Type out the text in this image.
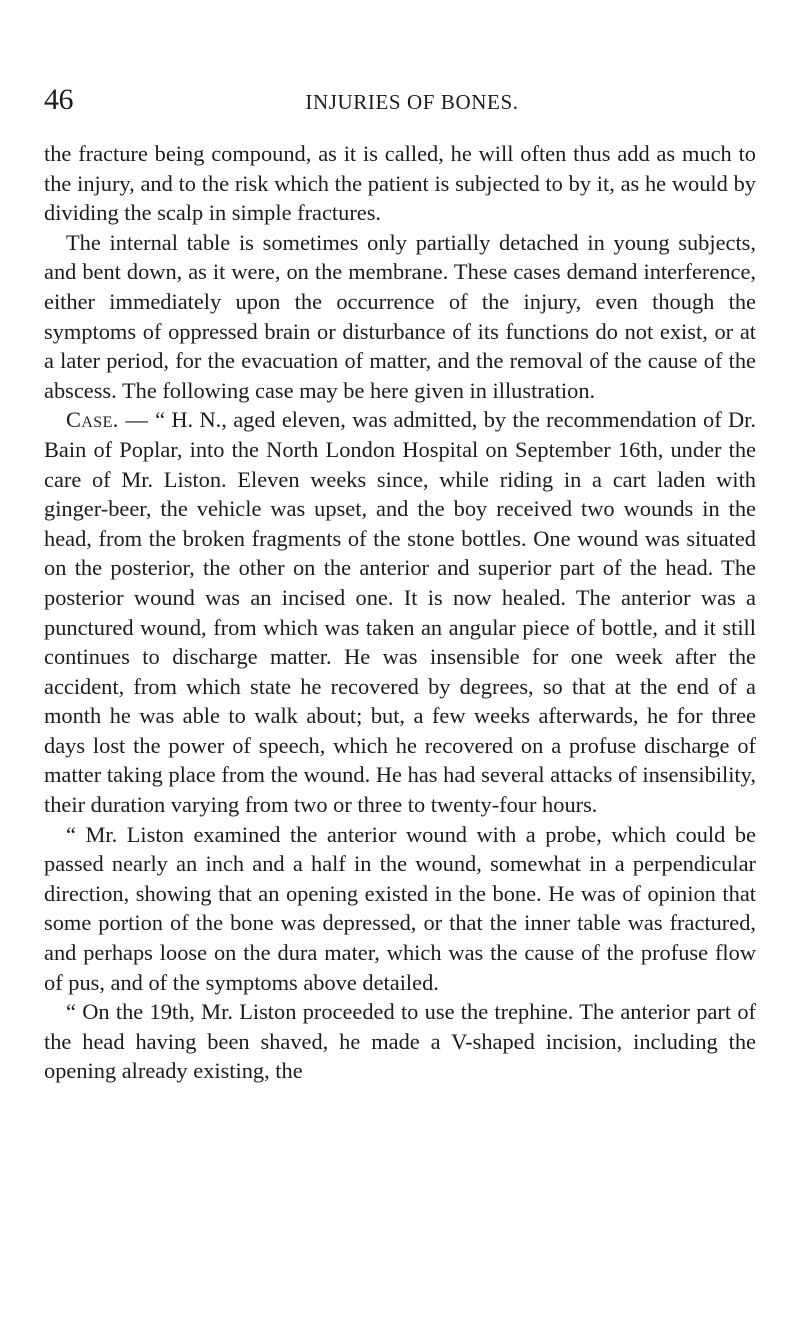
46	INJURIES OF BONES.

the fracture being compound, as it is called, he will often thus add as much to the injury, and to the risk which the patient is subjected to by it, as he would by dividing the scalp in simple fractures.

The internal table is sometimes only partially detached in young subjects, and bent down, as it were, on the membrane. These cases demand interference, either immediately upon the occurrence of the injury, even though the symptoms of oppressed brain or disturbance of its functions do not exist, or at a later period, for the evacuation of matter, and the removal of the cause of the abscess. The following case may be here given in illustration.

Case. — “ H. N., aged eleven, was admitted, by the recommendation of Dr. Bain of Poplar, into the North London Hospital on September 16th, under the care of Mr. Liston. Eleven weeks since, while riding in a cart laden with ginger-beer, the vehicle was upset, and the boy received two wounds in the head, from the broken fragments of the stone bottles. One wound was situated on the posterior, the other on the anterior and superior part of the head. The posterior wound was an incised one. It is now healed. The anterior was a punctured wound, from which was taken an angular piece of bottle, and it still continues to discharge matter. He was insensible for one week after the accident, from which state he recovered by degrees, so that at the end of a month he was able to walk about; but, a few weeks afterwards, he for three days lost the power of speech, which he recovered on a profuse discharge of matter taking place from the wound. He has had several attacks of insensibility, their duration varying from two or three to twenty-four hours.

“ Mr. Liston examined the anterior wound with a probe, which could be passed nearly an inch and a half in the wound, somewhat in a perpendicular direction, showing that an opening existed in the bone. He was of opinion that some portion of the bone was depressed, or that the inner table was fractured, and perhaps loose on the dura mater, which was the cause of the profuse flow of pus, and of the symptoms above detailed.

“ On the 19th, Mr. Liston proceeded to use the trephine. The anterior part of the head having been shaved, he made a V-shaped incision, including the opening already existing, the
